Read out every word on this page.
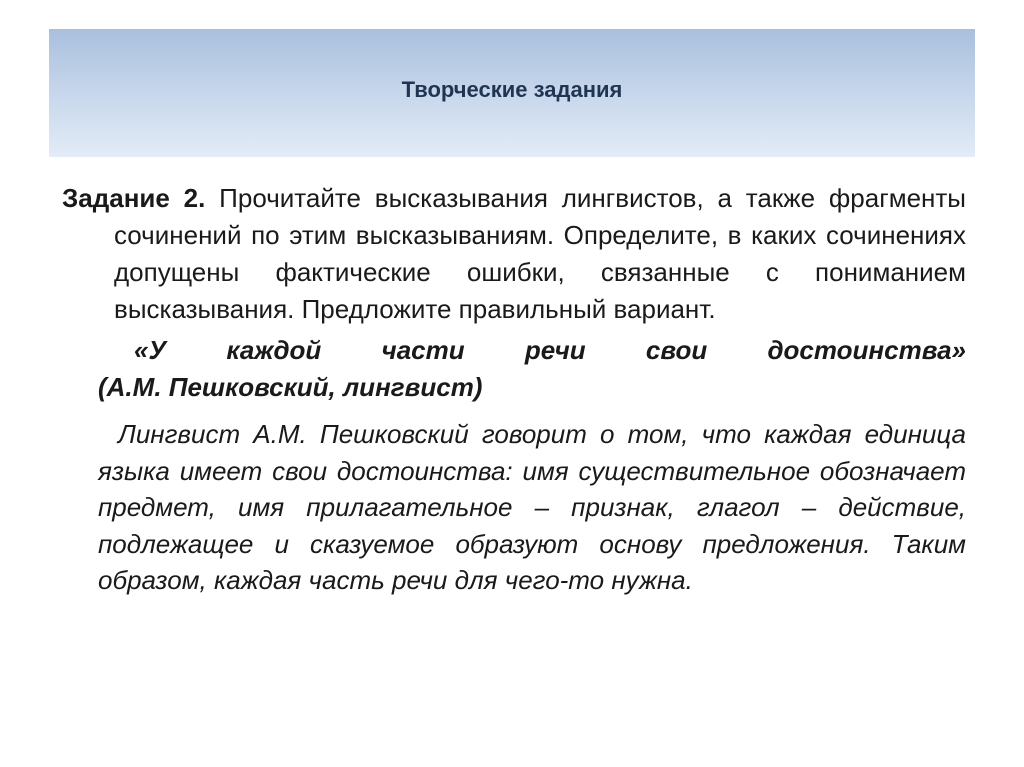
Творческие задания

Задание 2. Прочитайте высказывания лингвистов, а также фрагменты сочинений по этим высказываниям. Определите, в каких сочинениях допущены фактические ошибки, связанные с пониманием высказывания. Предложите правильный вариант.

«У каждой части речи свои достоинства»
(А.М. Пешковский, лингвист)

Лингвист А.М. Пешковский говорит о том, что каждая единица языка имеет свои достоинства: имя существительное обозначает предмет, имя прилагательное – признак, глагол – действие, подлежащее и сказуемое образуют основу предложения. Таким образом, каждая часть речи для чего-то нужна.
